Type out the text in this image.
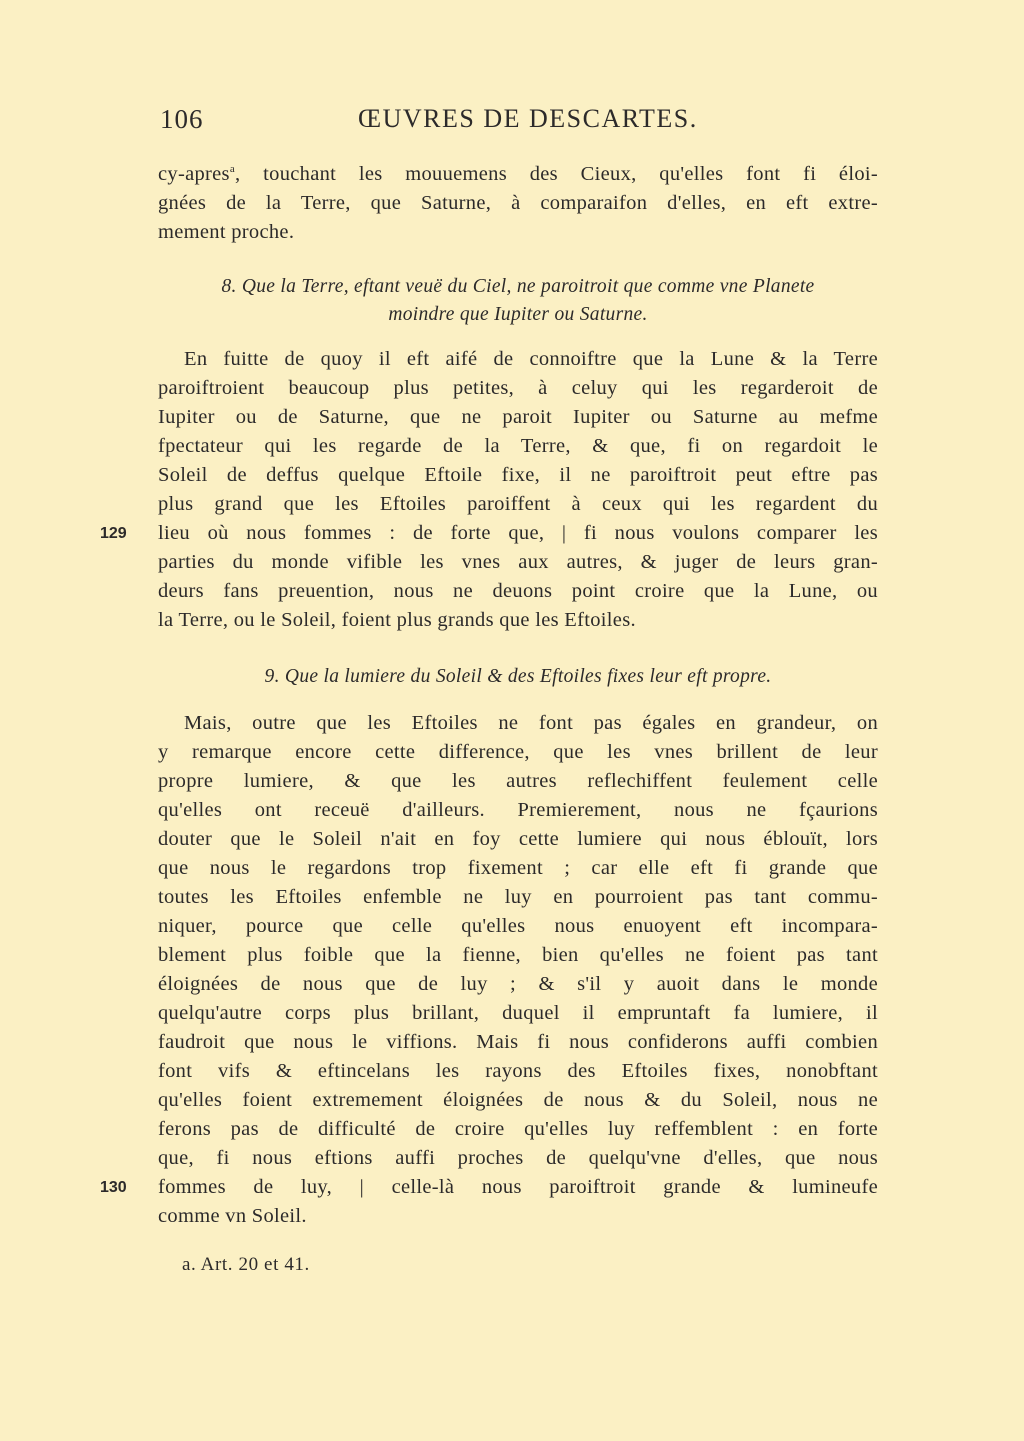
106	ŒUVRES DE DESCARTES.
cy-apres$^a$, touchant les mouuemens des Cieux, qu'elles font fi éloi-
gnées de la Terre, que Saturne, à comparaifon d'elles, en eft extre-
mement proche.
8. Que la Terre, eftant veuë du Ciel, ne paroitroit que comme vne Planete
moindre que Iupiter ou Saturne.
En fuitte de quoy il eft aifé de connoiftre que la Lune & la Terre
paroiftroient beaucoup plus petites, à celuy qui les regarderoit de
Iupiter ou de Saturne, que ne paroit Iupiter ou Saturne au mefme
fpectateur qui les regarde de la Terre, & que, fi on regardoit le
Soleil de deffus quelque Eftoile fixe, il ne paroiftroit peut eftre pas
plus grand que les Eftoiles paroiffent à ceux qui les regardent du
129 lieu où nous fommes : de forte que, | fi nous voulons comparer les
parties du monde vifible les vnes aux autres, & juger de leurs gran-
deurs fans preuention, nous ne deuons point croire que la Lune, ou
la Terre, ou le Soleil, foient plus grands que les Eftoiles.
9. Que la lumiere du Soleil & des Eftoiles fixes leur eft propre.
Mais, outre que les Eftoiles ne font pas égales en grandeur, on
y remarque encore cette difference, que les vnes brillent de leur
propre lumiere, & que les autres reflechiffent feulement celle
qu'elles ont receuë d'ailleurs. Premierement, nous ne fçaurions
douter que le Soleil n'ait en foy cette lumiere qui nous éblouït, lors
que nous le regardons trop fixement ; car elle eft fi grande que
toutes les Eftoiles enfemble ne luy en pourroient pas tant commu-
niquer, pource que celle qu'elles nous enuoyent eft incompara-
blement plus foible que la fienne, bien qu'elles ne foient pas tant
éloignées de nous que de luy ; & s'il y auoit dans le monde
quelqu'autre corps plus brillant, duquel il empruntaft fa lumiere, il
faudroit que nous le viffions. Mais fi nous confiderons auffi combien
font vifs & eftincelans les rayons des Eftoiles fixes, nonobftant
qu'elles foient extremement éloignées de nous & du Soleil, nous ne
ferons pas de difficulté de croire qu'elles luy reffemblent : en forte
que, fi nous eftions auffi proches de quelqu'vne d'elles, que nous
130 fommes de luy, | celle-là nous paroiftroit grande & lumineufe
comme vn Soleil.
a. Art. 20 et 41.
